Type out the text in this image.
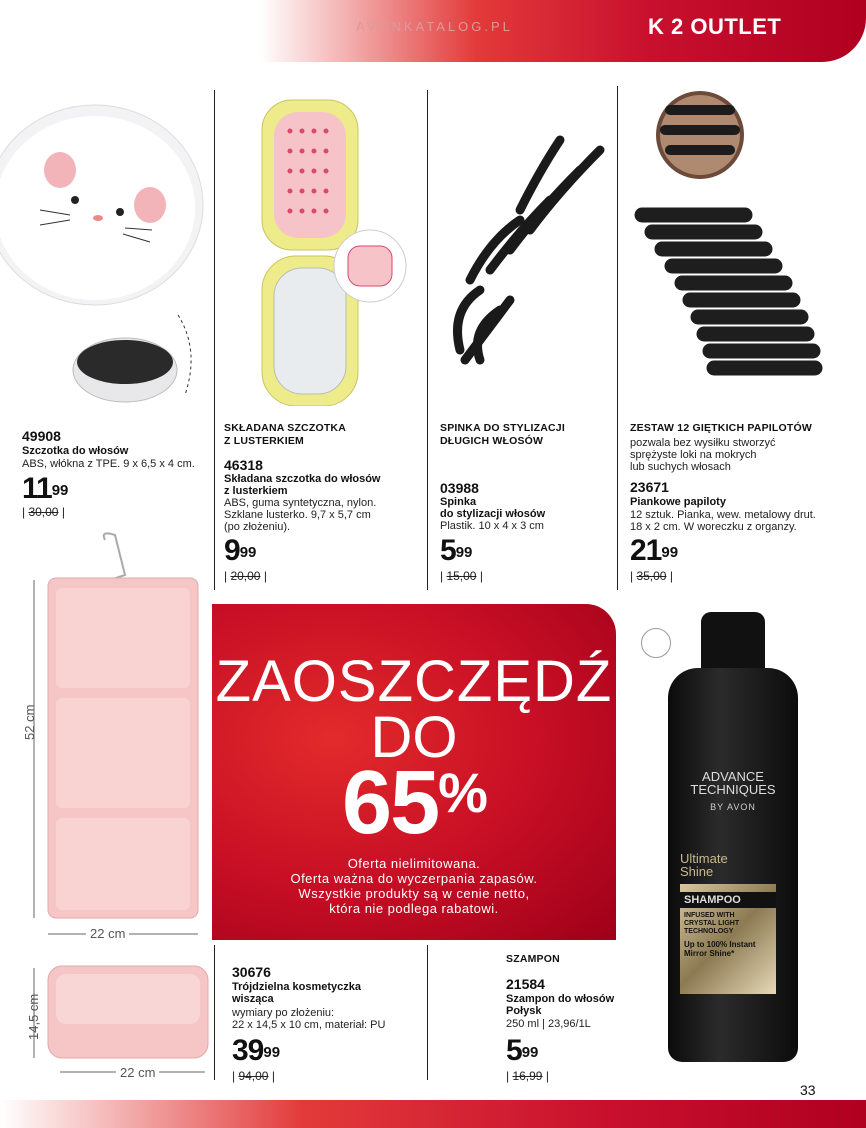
AVONKATALOG.PL	K 2 OUTLET
49908
Szczotka do włosów
ABS, włókna z TPE. 9 x 6,5 x 4 cm.
$11^{99}$
| 30,00 |
SKŁADANA SZCZOTKA
Z LUSTERKIEM
46318
Składana szczotka do włosów
z lusterkiem
ABS, guma syntetyczna, nylon.
Szklane lusterko. 9,7 x 5,7 cm
(po złożeniu).
$9^{99}$
| 20,00 |
SPINKA DO STYLIZACJI
DŁUGICH WŁOSÓW
03988
Spinka
do stylizacji włosów
Plastik. 10 x 4 x 3 cm
$5^{99}$
| 15,00 |
ZESTAW 12 GIĘTKICH PAPILOTÓW
pozwala bez wysiłku stworzyć
sprężyste loki na mokrych
lub suchych włosach
23671
Piankowe papiloty
12 sztuk. Pianka, wew. metalowy drut.
18 x 2 cm. W woreczku z organzy.
$21^{99}$
| 35,00 |
52 cm
22 cm
14,5 cm
22 cm
ZAOSZCZĘDŹ
DO
65%
Oferta nielimitowana.
Oferta ważna do wyczerpania zapasów.
Wszystkie produkty są w cenie netto,
która nie podlega rabatowi.
30676
Trójdzielna kosmetyczka
wisząca
wymiary po złożeniu:
22 x 14,5 x 10 cm, materiał: PU
$39^{99}$
| 94,00 |
SZAMPON
21584
Szampon do włosów
Połysk
250 ml | 23,96/1L
$5^{99}$
| 16,99 |
ADVANCE
TECHNIQUES
BY AVON
Ultimate
Shine
SHAMPOO
INFUSED WITH
CRYSTAL LIGHT
TECHNOLOGY
Up to 100% Instant
Mirror Shine*
33
